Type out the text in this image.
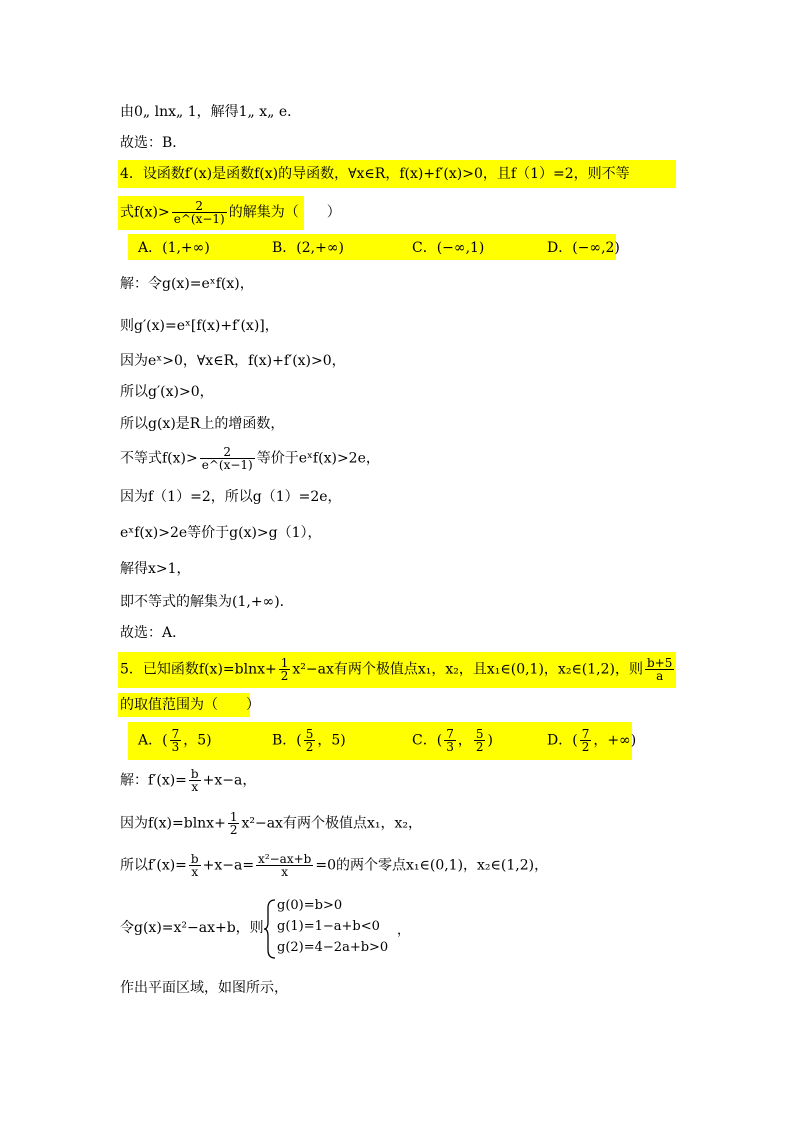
由0„ lnx„ 1，解得1„ x„ e．
故选：B．
4．设函数f′(x)是函数f(x)的导函数，∀x∈R，f(x)+f′(x)>0，且f（1）=2，则不等
式$f(x)> \frac{2}{e\^{}(x-1)}$ 的解集为（　　）
A．(1,+∞)	B．(2,+∞)	C．(−∞,1)	D．(−∞,2)
解：令g(x)=eˣf(x)，
则g′(x)=eˣ[f(x)+f′(x)]，
因为eˣ>0，∀x∈R，f(x)+f′(x)>0，
所以g′(x)>0，
所以g(x)是R上的增函数，
不等式$f(x)> \frac{2}{e\^{}(x-1)}$ 等价于eˣf(x)>2e，
因为f（1）=2，所以g（1）=2e，
eˣf(x)>2e等价于g(x)>g（1），
解得x>1，
即不等式的解集为(1,+∞)．
故选：A．
5．已知函数$f(x)=blnx+ \frac{1}{2} x^2-ax$有两个极值点x₁，x₂，且x₁∈(0,1)，x₂∈(1,2)，则 $\frac{b+5}{a}$
的取值范围为（　　）
A．( $\frac{7}{3}$ ，5)	B．( $\frac{5}{2}$ ，5)	C．( $\frac{7}{3}$ ， $\frac{5}{2}$ )	D．( $\frac{7}{2}$ ，+∞)
解：$f'(x)= \frac{b}{x} +x-a$，
因为$f(x)=blnx+ \frac{1}{2} x^2-ax$有两个极值点x₁，x₂，
所以$f'(x)= \frac{b}{x} +x-a= \frac{\text{x²−ax+b}}{x} =0$的两个零点x₁∈(0,1)，x₂∈(1,2)，
令g(x)=x²−ax+b，则
g(0)=b>0
g(1)=1−a+b<0
g(2)=4−2a+b>0
，
作出平面区域，如图所示，
